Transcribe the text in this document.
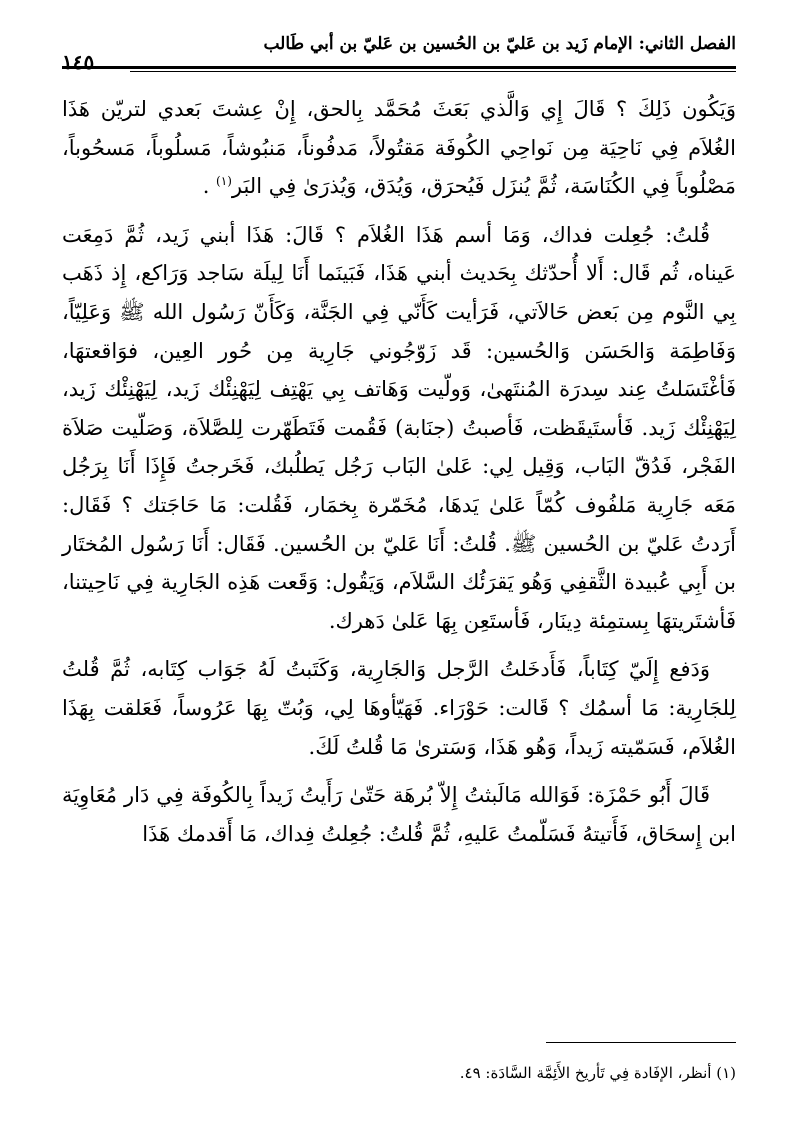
الفصل الثاني: الإمام زَيد بن عَليّ بن الحُسين بن عَليّ بن أبي طَالب
١٤٥

وَيَكُون ذَلِكَ ؟ قَالَ إِي وَالَّذي بَعَثَ مُحَمَّد بِالحق، إِنْ عِشتَ بَعدي لتريّن هَذَا الغُلاَم فِي نَاحِيَة مِن نَواحِي الكُوفَة مَقتُولاً، مَدفُوناً، مَنبُوشاً، مَسلُوباً، مَسحُوباً، مَصْلُوباً فِي الكُنَاسَة، ثُمَّ يُنزَل فَيُحرَق، وَيُدَق، وَيُذرَىٰ فِي البَر$^{(١)}$ .

قُلتُ: جُعِلت فداك، وَمَا أسم هَذَا الغُلاَم ؟ قَالَ: هَذَا أبني زَيد، ثُمَّ دَمِعَت عَيناه، ثُم قَال: أَلا أُحدّثك بِحَديث أبني هَذَا، فَبَينَما أَنَا لِيلَة سَاجد وَرَاكع، إِذ ذَهَب بِي النَّوم مِن بَعض حَالاَتي، فَرَأيت كَأَنّي فِي الجَنَّة، وَكَأَنّ رَسُول الله ﷺ وَعَلِيّاً، وَفَاطِمَة وَالحَسَن وَالحُسين: قَد زَوّجُوني جَارِية مِن حُور العِين، فوَاقعتهَا، فَأغْتَسَلتُ عِند سِدرَة المُنتَهىٰ، وَولّيت وَهَاتف بِي يَهْتِف لِيَهْنِئْك زَيد، لِيَهْنِئْك زَيد، لِيَهْنِئْك زَيد. فَأستَيقَظت، فَأصبتُ (جنَابة) فَقُمت فَتَطَهّرت لِلصَّلاَة، وَصَلّيت صَلاَة الفَجْر، فَدُقّ البَاب، وَقِيل لِي: عَلىٰ البَاب رَجُل يَطلُبك، فَخَرجتُ فَإِذَا أَنَا بِرَجُل مَعَه جَارِية مَلفُوف كُمّاً عَلىٰ يَدهَا، مُخَمّرة بِخمَار، فَقُلت: مَا حَاجَتك ؟ فَقَال: أَرَدتُ عَليّ بن الحُسين ﷺ. قُلتُ: أَنَا عَليّ بن الحُسين. فَقَال: أَنَا رَسُول المُختَار بن أَبِي عُبيدة الثَّقفِي وَهُو يَقرَئُك السَّلاَم، وَيَقُول: وَقَعت هَذِه الجَارِية فِي نَاحِيتنا، فَأشتَريتهَا بِستمِئة دِينَار، فَأستَعِن بِهَا عَلىٰ دَهرك.

وَدَفع إِلَيّ كِتَاباً، فَأَدخَلتُ الرَّجل وَالجَارِية، وَكَتَبتُ لَهُ جَوَاب كِتَابه، ثُمَّ قُلتُ لِلجَارِية: مَا أسمُك ؟ قَالت: حَوْرَاء. فَهَيّأوهَا لِي، وَبُتّ بِهَا عَرُوساً، فَعَلقت بِهَذَا الغُلاَم، فَسَمّيته زَيداً، وَهُو هَذَا، وَسَترىٰ مَا قُلتُ لَكَ.

قَالَ أَبُو حَمْزَة: فَوَالله مَالَبثتُ إِلاّ بُرهَة حَتّىٰ رَأَيتُ زَيداً بِالكُوفَة فِي دَار مُعَاوِيَة ابن إِسحَاق، فَأَتيتهُ فَسَلّمتُ عَليهِ، ثُمَّ قُلتُ: جُعِلتُ فِداك، مَا أَقدمك هَذَا

(١) أنظر، الإفَادة فِي تَأريخ الأَئِمَّة السَّادَة: ٤٩.
